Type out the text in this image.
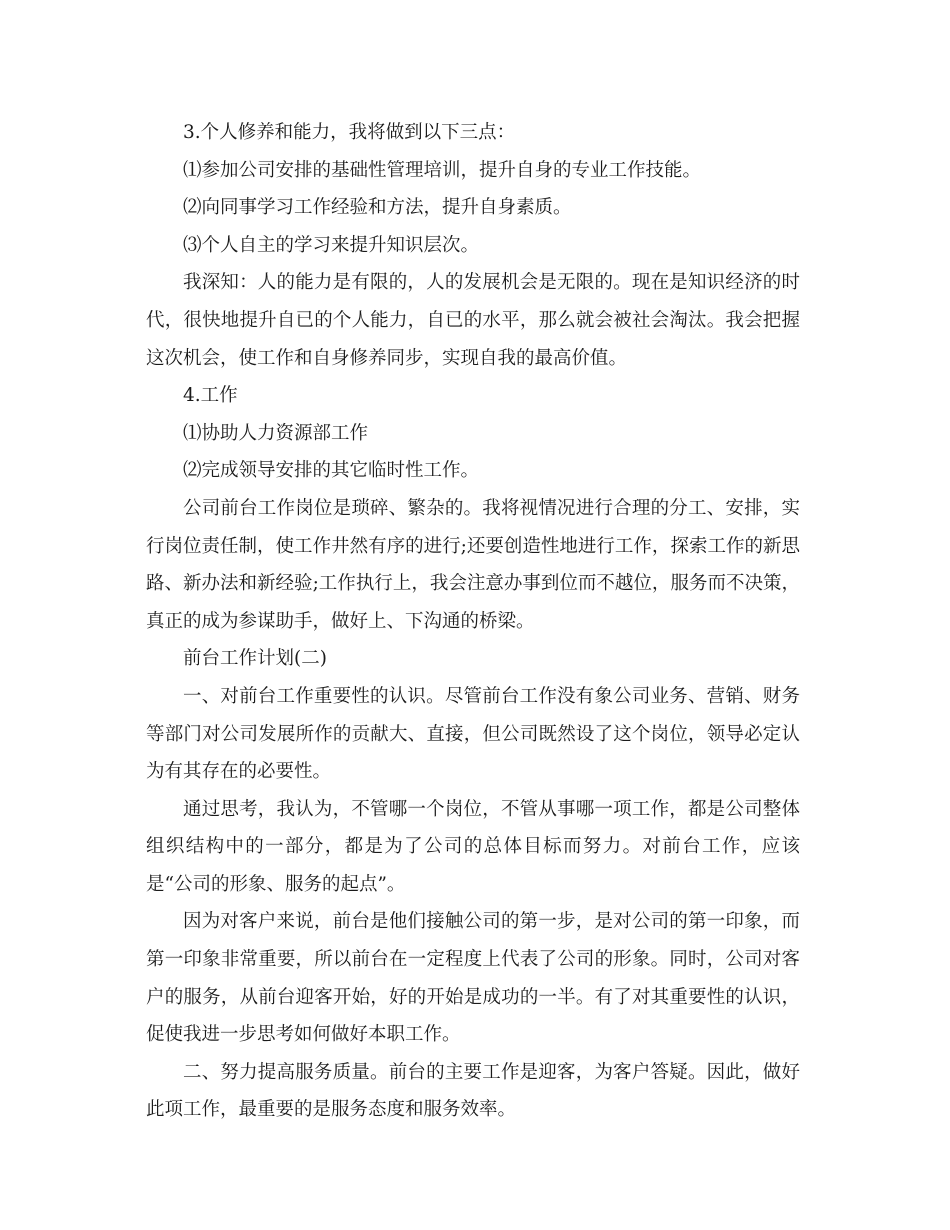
3.个人修养和能力，我将做到以下三点：

⑴参加公司安排的基础性管理培训，提升自身的专业工作技能。

⑵向同事学习工作经验和方法，提升自身素质。

⑶个人自主的学习来提升知识层次。

我深知：人的能力是有限的，人的发展机会是无限的。现在是知识经济的时代，很快地提升自已的个人能力，自已的水平，那么就会被社会淘汰。我会把握这次机会，使工作和自身修养同步，实现自我的最高价值。

4.工作

⑴协助人力资源部工作

⑵完成领导安排的其它临时性工作。

公司前台工作岗位是琐碎、繁杂的。我将视情况进行合理的分工、安排，实行岗位责任制，使工作井然有序的进行;还要创造性地进行工作，探索工作的新思路、新办法和新经验;工作执行上，我会注意办事到位而不越位，服务而不决策，真正的成为参谋助手，做好上、下沟通的桥梁。

前台工作计划(二)

一、对前台工作重要性的认识。尽管前台工作没有象公司业务、营销、财务等部门对公司发展所作的贡献大、直接，但公司既然设了这个岗位，领导必定认为有其存在的必要性。

通过思考，我认为，不管哪一个岗位，不管从事哪一项工作，都是公司整体组织结构中的一部分，都是为了公司的总体目标而努力。对前台工作，应该是“公司的形象、服务的起点”。

因为对客户来说，前台是他们接触公司的第一步，是对公司的第一印象，而第一印象非常重要，所以前台在一定程度上代表了公司的形象。同时，公司对客户的服务，从前台迎客开始，好的开始是成功的一半。有了对其重要性的认识，促使我进一步思考如何做好本职工作。

二、努力提高服务质量。前台的主要工作是迎客，为客户答疑。因此，做好此项工作，最重要的是服务态度和服务效率。
